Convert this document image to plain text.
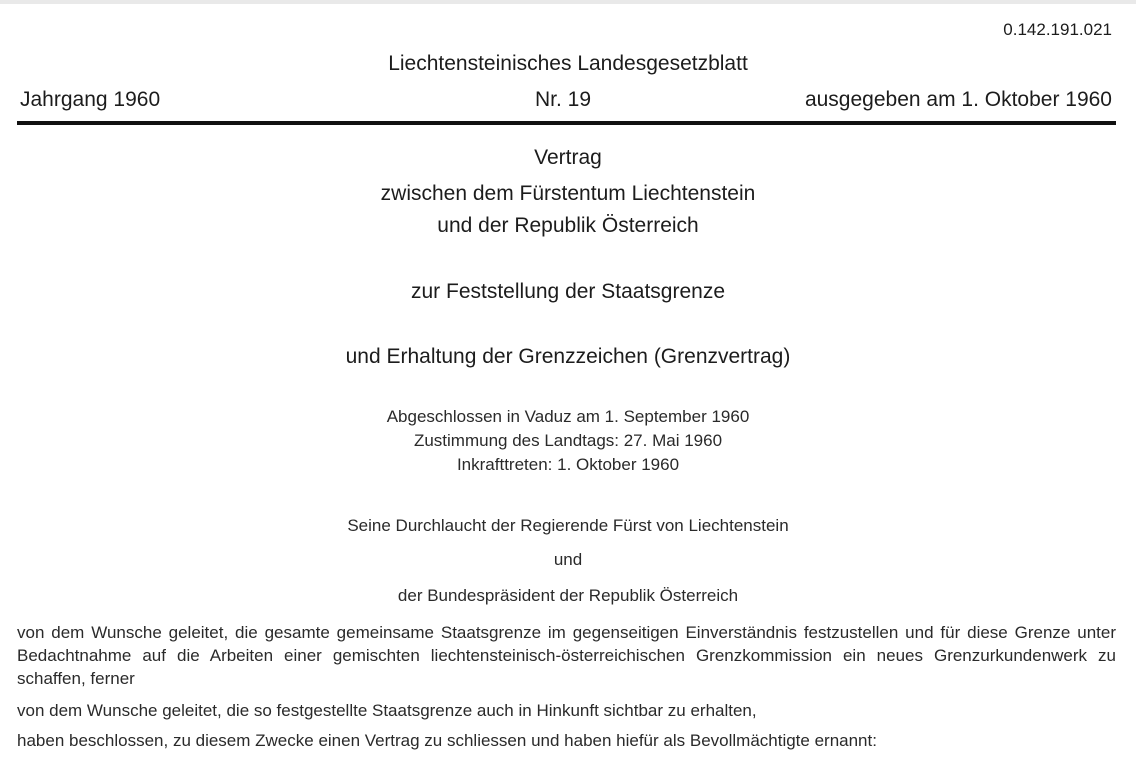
0.142.191.021
Liechtensteinisches Landesgesetzblatt
Jahrgang 1960	Nr. 19	ausgegeben am 1. Oktober 1960
Vertrag
zwischen dem Fürstentum Liechtenstein
und der Republik Österreich
zur Feststellung der Staatsgrenze
und Erhaltung der Grenzzeichen (Grenzvertrag)
Abgeschlossen in Vaduz am 1. September 1960
Zustimmung des Landtags: 27. Mai 1960
Inkrafttreten: 1. Oktober 1960
Seine Durchlaucht der Regierende Fürst von Liechtenstein
und
der Bundespräsident der Republik Österreich
von dem Wunsche geleitet, die gesamte gemeinsame Staatsgrenze im gegenseitigen Einverständnis festzustellen und für diese Grenze unter Bedachtnahme auf die Arbeiten einer gemischten liechtensteinisch-österreichischen Grenzkommission ein neues Grenzurkundenwerk zu schaffen, ferner
von dem Wunsche geleitet, die so festgestellte Staatsgrenze auch in Hinkunft sichtbar zu erhalten,
haben beschlossen, zu diesem Zwecke einen Vertrag zu schliessen und haben hiefür als Bevollmächtigte ernannt:
